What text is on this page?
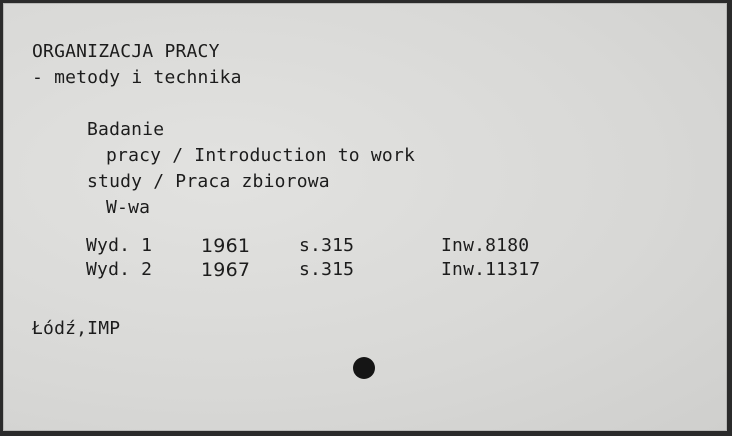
ORGANIZACJA PRACY
- metody i technika
Badanie
pracy / Introduction to work
study / Praca zbiorowa
W-wa
Wyd. 1	1961	s.315	Inw.8180
Wyd. 2	1967	s.315	Inw.11317
Łódź,IMP
